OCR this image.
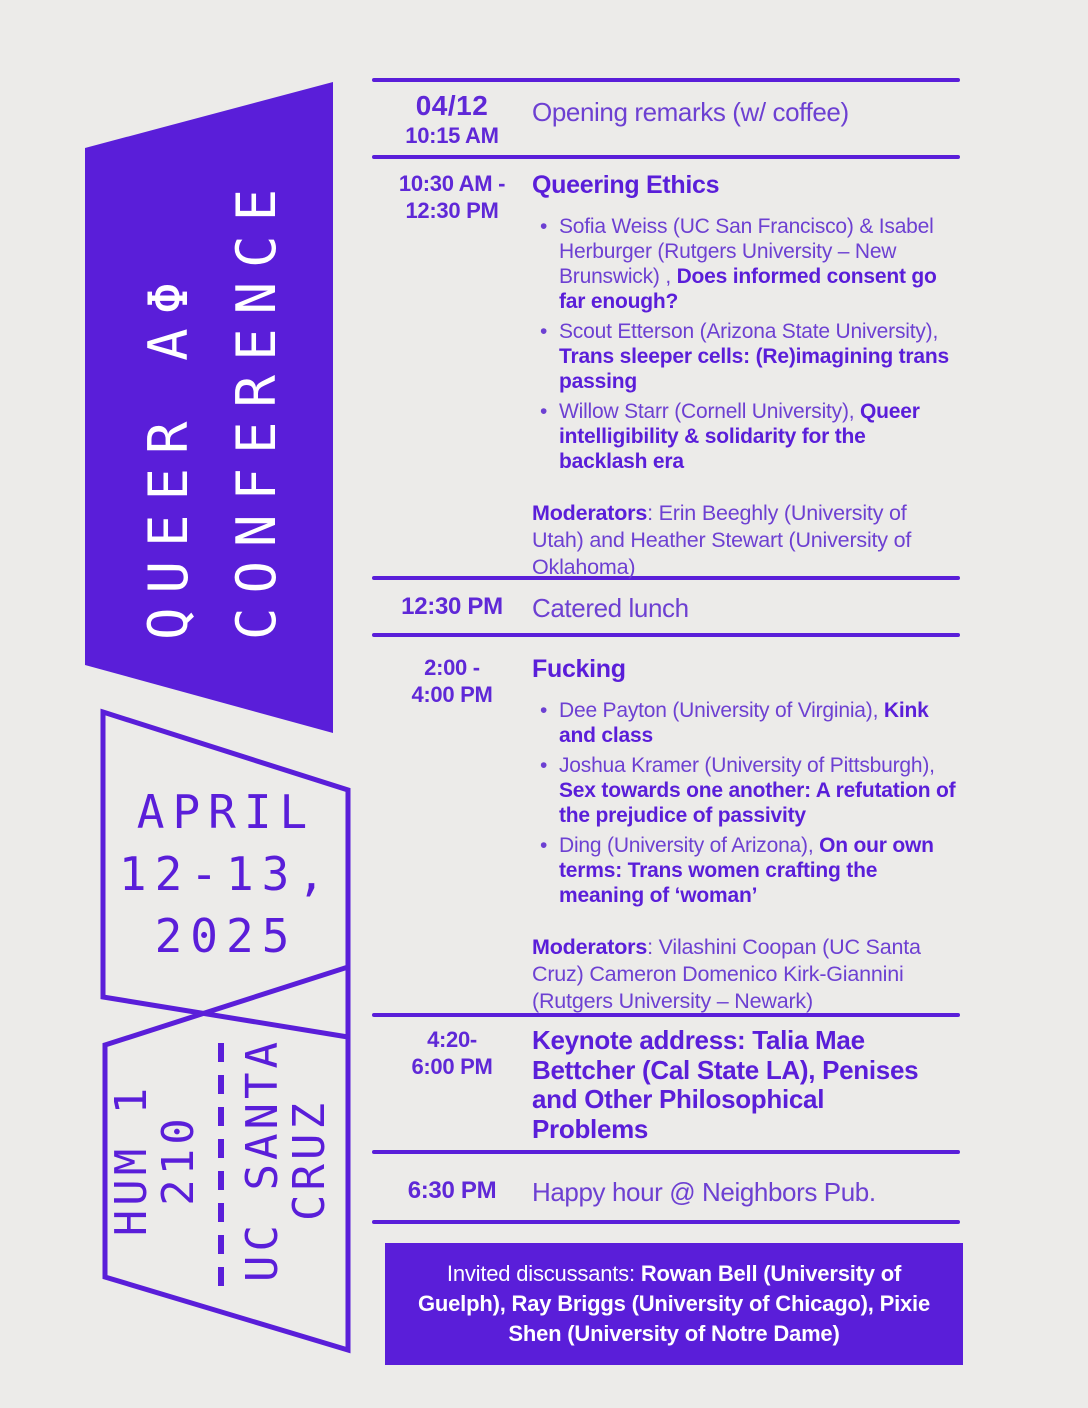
QUEER ΑΦ CONFERENCE
APRIL
12-13,
2025
HUM 1
210 UC SANTA
CRUZ
04/12
10:15 AM
Opening remarks (w/ coffee)
10:30 AM -
12:30 PM
Queering Ethics
• Sofia Weiss (UC San Francisco) & Isabel Herburger (Rutgers University – New Brunswick) , Does informed consent go far enough?
• Scout Etterson (Arizona State University), Trans sleeper cells: (Re)imagining trans passing
• Willow Starr (Cornell University), Queer intelligibility & solidarity for the backlash era
Moderators: Erin Beeghly (University of Utah) and Heather Stewart (University of Oklahoma)
12:30 PM	Catered lunch
2:00 -
4:00 PM
Fucking
• Dee Payton (University of Virginia), Kink and class
• Joshua Kramer (University of Pittsburgh), Sex towards one another: A refutation of the prejudice of passivity
• Ding (University of Arizona), On our own terms: Trans women crafting the meaning of ‘woman’
Moderators: Vilashini Coopan (UC Santa Cruz) Cameron Domenico Kirk-Giannini (Rutgers University – Newark)
4:20-
6:00 PM
Keynote address: Talia Mae Bettcher (Cal State LA), Penises and Other Philosophical Problems
6:30 PM	Happy hour @ Neighbors Pub.
Invited discussants: Rowan Bell (University of Guelph), Ray Briggs (University of Chicago), Pixie Shen (University of Notre Dame)
